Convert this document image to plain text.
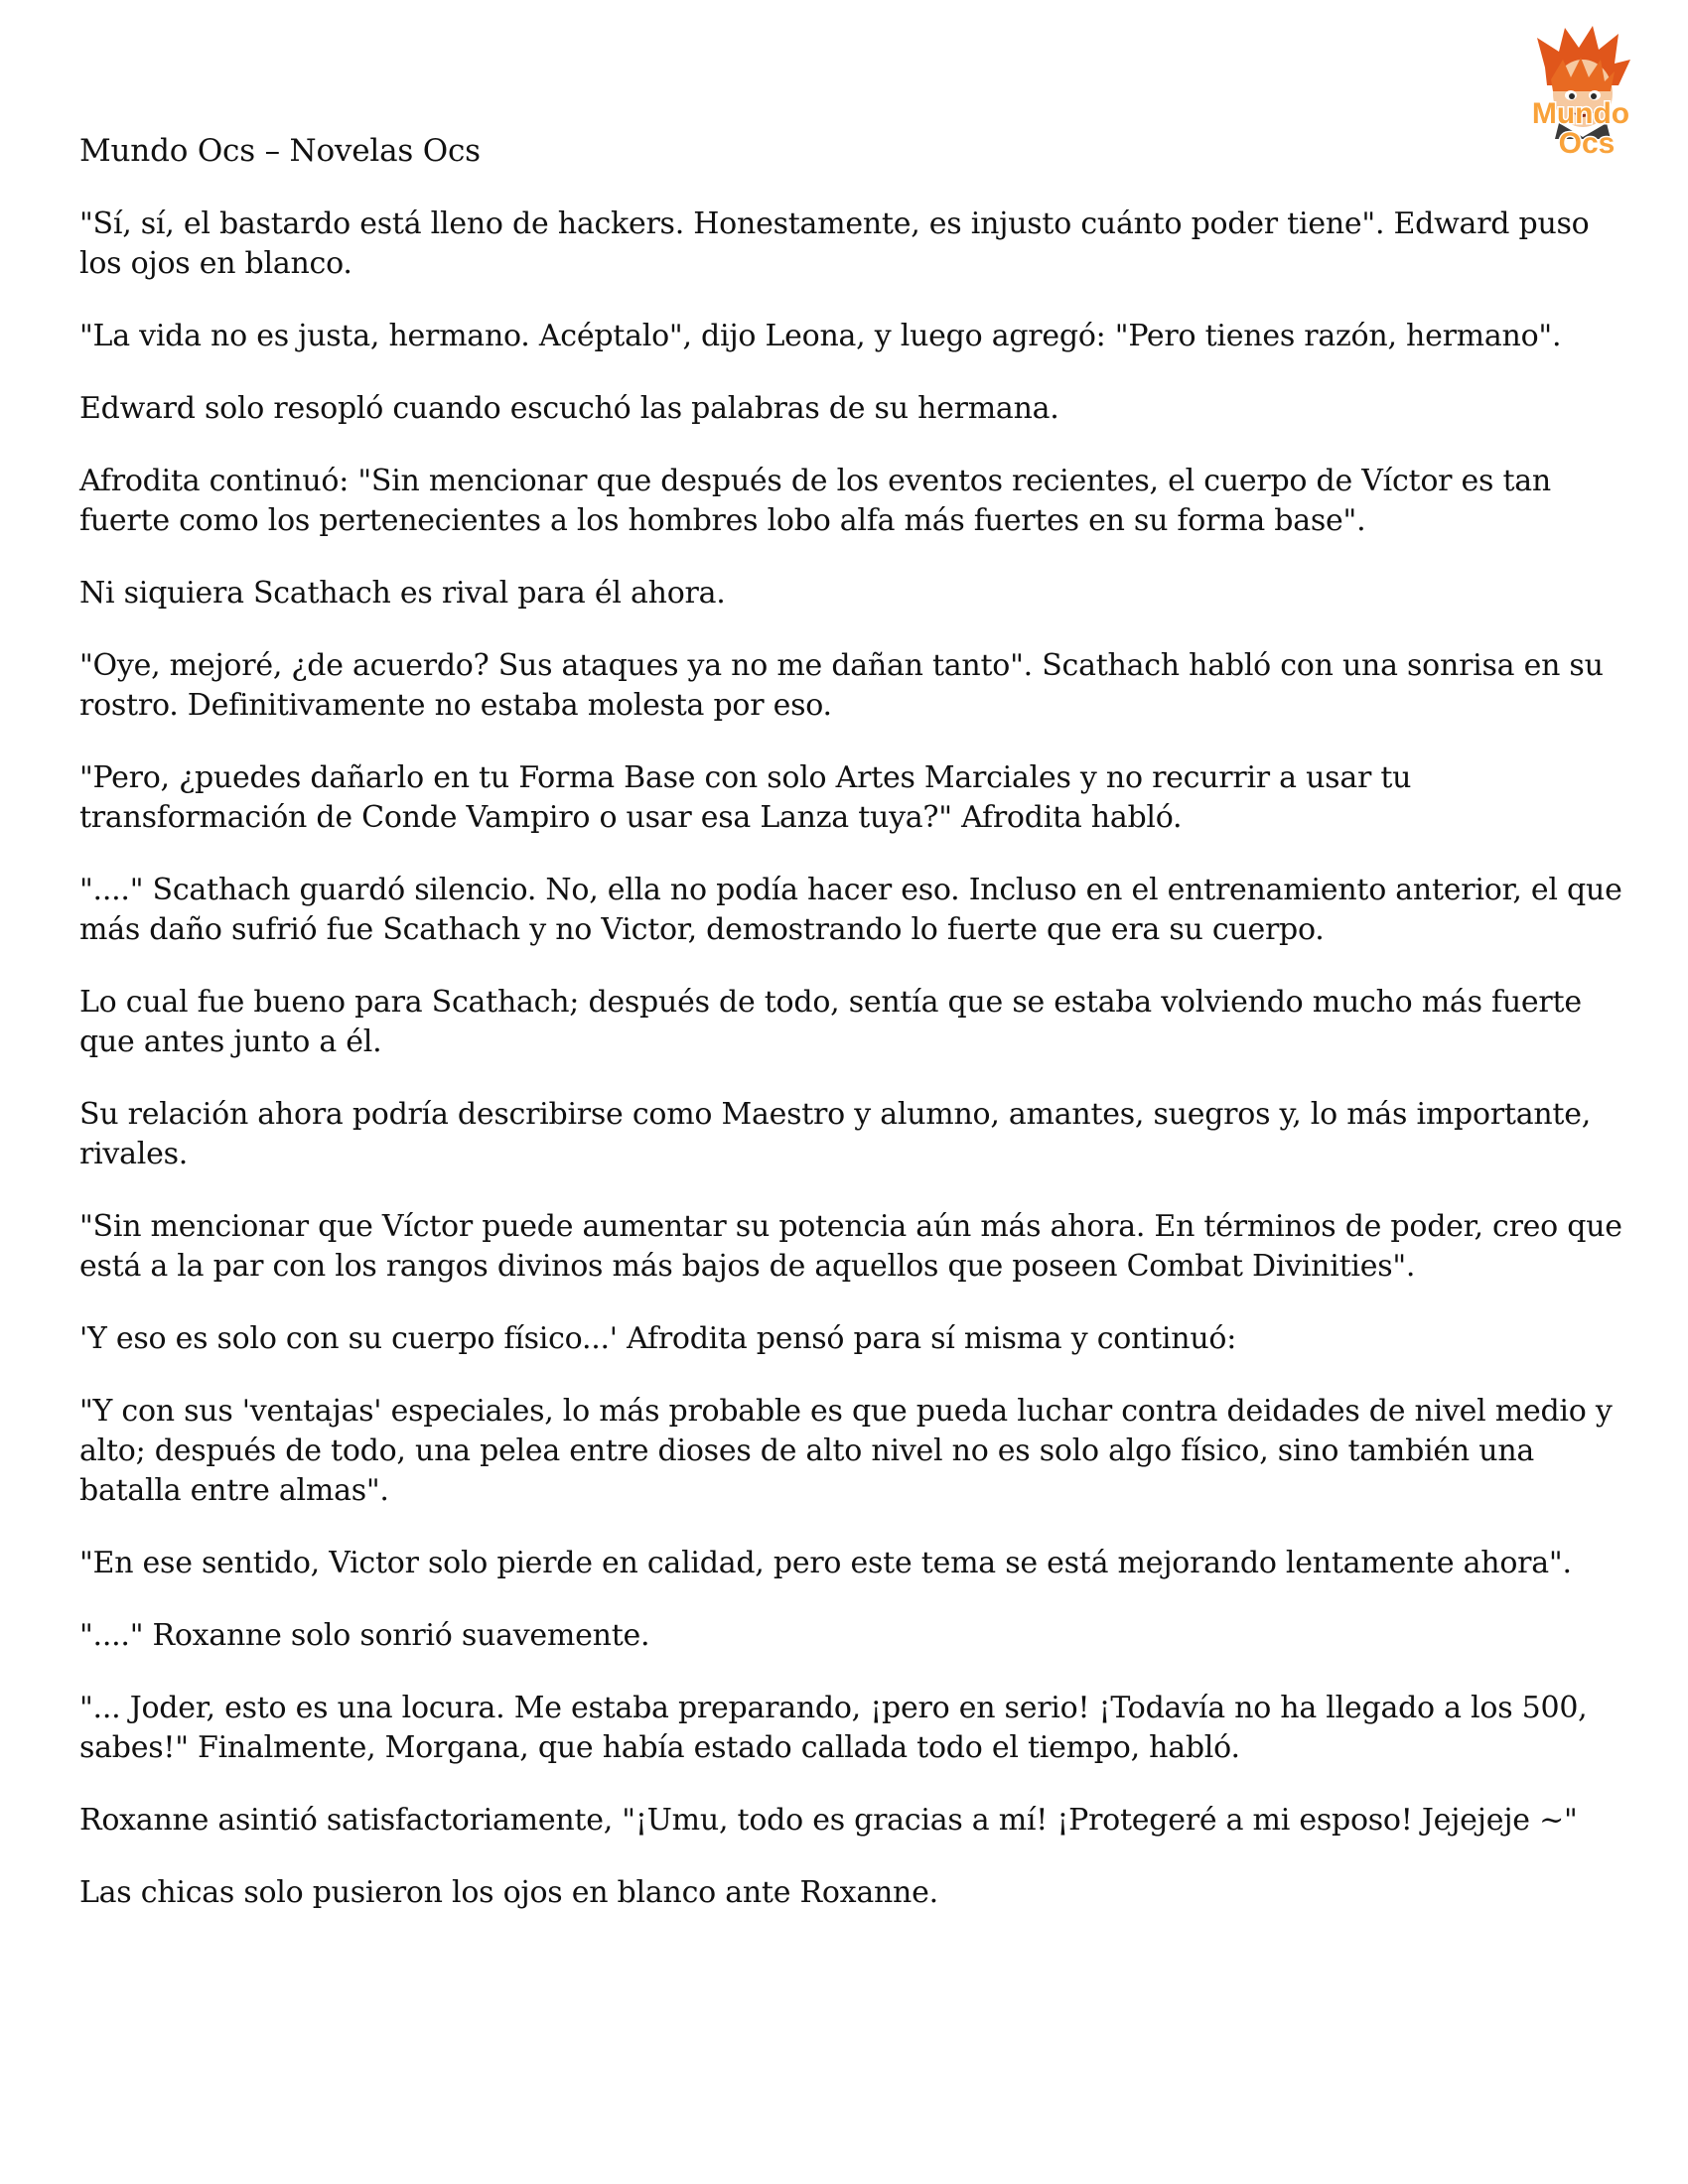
Mundo
Ocs
Mundo Ocs – Novelas Ocs

"Sí, sí, el bastardo está lleno de hackers. Honestamente, es injusto cuánto poder tiene". Edward puso los ojos en blanco.

"La vida no es justa, hermano. Acéptalo", dijo Leona, y luego agregó: "Pero tienes razón, hermano".

Edward solo resopló cuando escuchó las palabras de su hermana.

Afrodita continuó: "Sin mencionar que después de los eventos recientes, el cuerpo de Víctor es tan fuerte como los pertenecientes a los hombres lobo alfa más fuertes en su forma base".

Ni siquiera Scathach es rival para él ahora.

"Oye, mejoré, ¿de acuerdo? Sus ataques ya no me dañan tanto". Scathach habló con una sonrisa en su rostro. Definitivamente no estaba molesta por eso.

"Pero, ¿puedes dañarlo en tu Forma Base con solo Artes Marciales y no recurrir a usar tu transformación de Conde Vampiro o usar esa Lanza tuya?" Afrodita habló.

"...." Scathach guardó silencio. No, ella no podía hacer eso. Incluso en el entrenamiento anterior, el que más daño sufrió fue Scathach y no Victor, demostrando lo fuerte que era su cuerpo.

Lo cual fue bueno para Scathach; después de todo, sentía que se estaba volviendo mucho más fuerte que antes junto a él.

Su relación ahora podría describirse como Maestro y alumno, amantes, suegros y, lo más importante, rivales.

"Sin mencionar que Víctor puede aumentar su potencia aún más ahora. En términos de poder, creo que está a la par con los rangos divinos más bajos de aquellos que poseen Combat Divinities".

'Y eso es solo con su cuerpo físico...' Afrodita pensó para sí misma y continuó:

"Y con sus 'ventajas' especiales, lo más probable es que pueda luchar contra deidades de nivel medio y alto; después de todo, una pelea entre dioses de alto nivel no es solo algo físico, sino también una batalla entre almas".

"En ese sentido, Victor solo pierde en calidad, pero este tema se está mejorando lentamente ahora".

"...." Roxanne solo sonrió suavemente.

"... Joder, esto es una locura. Me estaba preparando, ¡pero en serio! ¡Todavía no ha llegado a los 500, sabes!" Finalmente, Morgana, que había estado callada todo el tiempo, habló.

Roxanne asintió satisfactoriamente, "¡Umu, todo es gracias a mí! ¡Protegeré a mi esposo! Jejejeje ~"

Las chicas solo pusieron los ojos en blanco ante Roxanne.
